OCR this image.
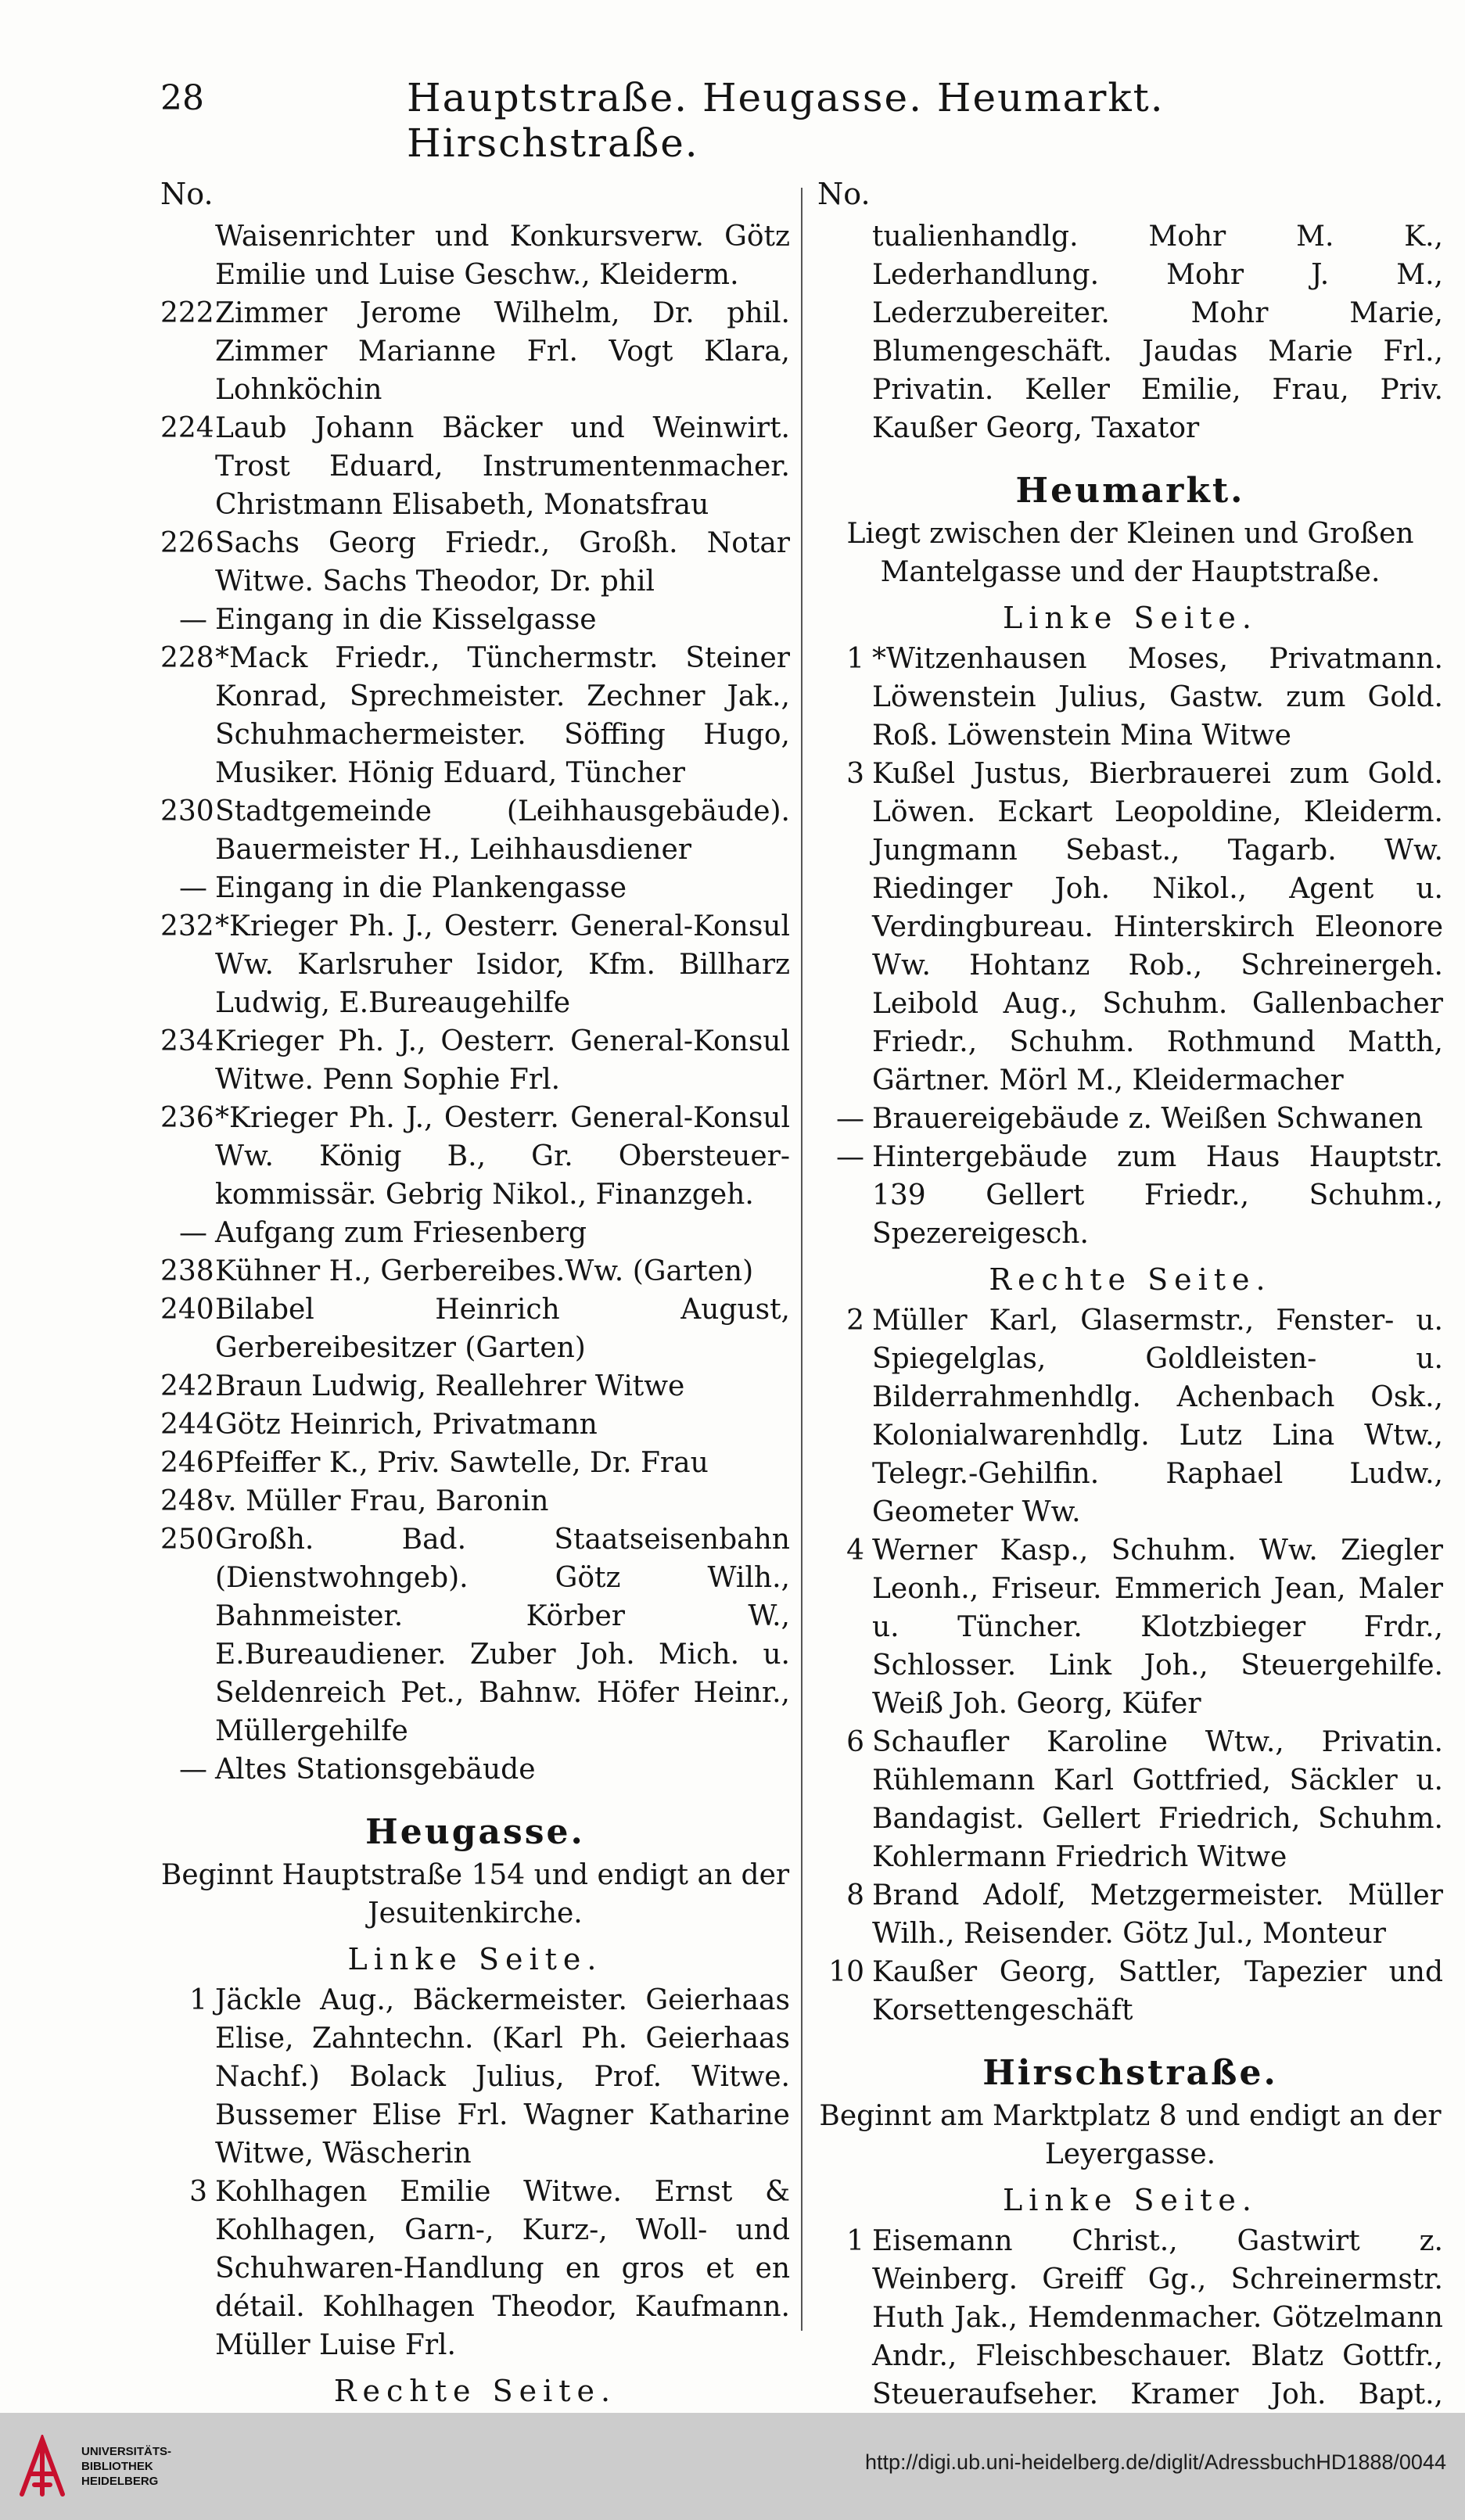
28	Hauptstraße. Heugasse. Heumarkt. Hirschstraße.
No.
Waisenrichter und Konkursverw. Götz Emilie und Luise Geschw., Kleiderm.
222 Zimmer Jerome Wilhelm, Dr. phil. Zimmer Marianne Frl. Vogt Klara, Lohnköchin
224 Laub Johann Bäcker und Weinwirt. Trost Eduard, Instrumentenmacher. Christmann Elisabeth, Monatsfrau
226 Sachs Georg Friedr., Großh. Notar Witwe. Sachs Theodor, Dr. phil
— Eingang in die Kisselgasse
228 *Mack Friedr., Tünchermstr. Steiner Konrad, Sprechmeister. Zechner Jak., Schuhmachermeister. Söffing Hugo, Musiker. Hönig Eduard, Tüncher
230 Stadtgemeinde (Leihhausgebäude). Bauermeister H., Leihhausdiener
— Eingang in die Plankengasse
232 *Krieger Ph. J., Oesterr. General-Konsul Ww. Karlsruher Isidor, Kfm. Billharz Ludwig, E.Bureaugehilfe
234 Krieger Ph. J., Oesterr. General-Konsul Witwe. Penn Sophie Frl.
236 *Krieger Ph. J., Oesterr. General-Konsul Ww. König B., Gr. Obersteuer-kommissär. Gebrig Nikol., Finanzgeh.
— Aufgang zum Friesenberg
238 Kühner H., Gerbereibes.Ww. (Garten)
240 Bilabel Heinrich August, Gerbereibesitzer (Garten)
242 Braun Ludwig, Reallehrer Witwe
244 Götz Heinrich, Privatmann
246 Pfeiffer K., Priv. Sawtelle, Dr. Frau
248 v. Müller Frau, Baronin
250 Großh. Bad. Staatseisenbahn (Dienstwohngeb). Götz Wilh., Bahnmeister. Körber W., E.Bureaudiener. Zuber Joh. Mich. u. Seldenreich Pet., Bahnw. Höfer Heinr., Müllergehilfe
— Altes Stationsgebäude
Heugasse.
Beginnt Hauptstraße 154 und endigt an der Jesuitenkirche.
Linke Seite.
1 Jäckle Aug., Bäckermeister. Geierhaas Elise, Zahntechn. (Karl Ph. Geierhaas Nachf.) Bolack Julius, Prof. Witwe. Bussemer Elise Frl. Wagner Katharine Witwe, Wäscherin
3 Kohlhagen Emilie Witwe. Ernst & Kohlhagen, Garn-, Kurz-, Woll- und Schuhwaren-Handlung en gros et en détail. Kohlhagen Theodor, Kaufmann. Müller Luise Frl.
Rechte Seite.
No.
tualienhandlg. Mohr M. K., Lederhandlung. Mohr J. M., Lederzubereiter. Mohr Marie, Blumengeschäft. Jaudas Marie Frl., Privatin. Keller Emilie, Frau, Priv. Kaußer Georg, Taxator
Heumarkt.
Liegt zwischen der Kleinen und Großen Mantelgasse und der Hauptstraße.
Linke Seite.
1 *Witzenhausen Moses, Privatmann. Löwenstein Julius, Gastw. zum Gold. Roß. Löwenstein Mina Witwe
3 Kußel Justus, Bierbrauerei zum Gold. Löwen. Eckart Leopoldine, Kleiderm. Jungmann Sebast., Tagarb. Ww. Riedinger Joh. Nikol., Agent u. Verdingbureau. Hinterskirch Eleonore Ww. Hohtanz Rob., Schreinergeh. Leibold Aug., Schuhm. Gallenbacher Friedr., Schuhm. Rothmund Matth, Gärtner. Mörl M., Kleidermacher
— Brauereigebäude z. Weißen Schwanen
— Hintergebäude zum Haus Hauptstr. 139 Gellert Friedr., Schuhm., Spezereigesch.
Rechte Seite.
2 Müller Karl, Glasermstr., Fenster- u. Spiegelglas, Goldleisten- u. Bilderrahmenhdlg. Achenbach Osk., Kolonialwarenhdlg. Lutz Lina Wtw., Telegr.-Gehilfin. Raphael Ludw., Geometer Ww.
4 Werner Kasp., Schuhm. Ww. Ziegler Leonh., Friseur. Emmerich Jean, Maler u. Tüncher. Klotzbieger Frdr., Schlosser. Link Joh., Steuergehilfe. Weiß Joh. Georg, Küfer
6 Schaufler Karoline Wtw., Privatin. Rühlemann Karl Gottfried, Säckler u. Bandagist. Gellert Friedrich, Schuhm. Kohlermann Friedrich Witwe
8 Brand Adolf, Metzgermeister. Müller Wilh., Reisender. Götz Jul., Monteur
10 Kaußer Georg, Sattler, Tapezier und Korsettengeschäft
Hirschstraße.
Beginnt am Marktplatz 8 und endigt an der Leyergasse.
Linke Seite.
1 Eisemann Christ., Gastwirt z. Weinberg. Greiff Gg., Schreinermstr. Huth Jak., Hemdenmacher. Götzelmann Andr., Fleischbeschauer. Blatz Gottfr., Steueraufseher. Kramer Joh. Bapt.,
UNIVERSITÄTS-
BIBLIOTHEK
HEIDELBERG
http://digi.ub.uni-heidelberg.de/diglit/AdressbuchHD1888/0044
